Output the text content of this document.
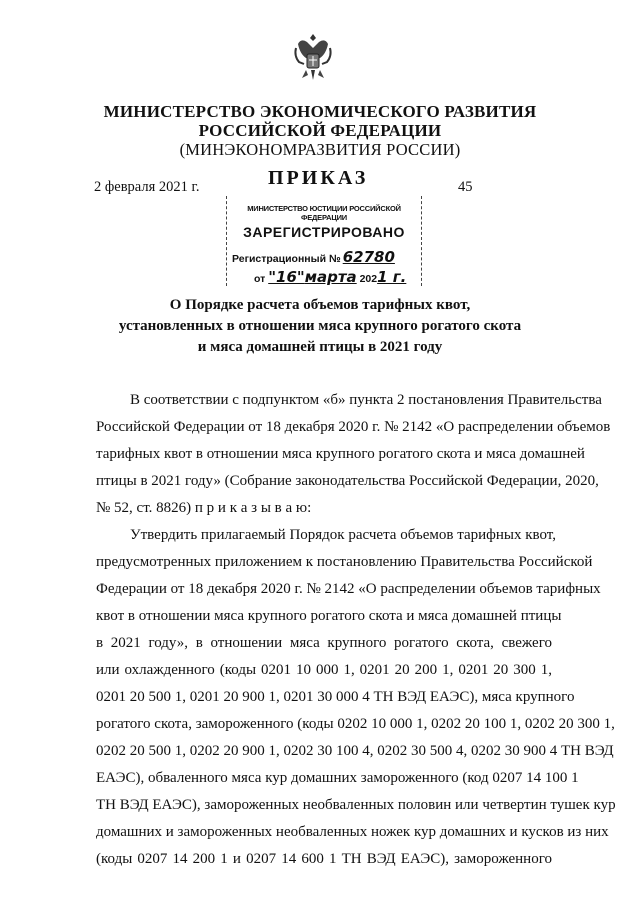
МИНИСТЕРСТВО ЭКОНОМИЧЕСКОГО РАЗВИТИЯ
РОССИЙСКОЙ ФЕДЕРАЦИИ
(МИНЭКОНОМРАЗВИТИЯ РОССИИ)
2 февраля 2021 г.	ПРИКАЗ	45
МИНИСТЕРСТВО ЮСТИЦИИ РОССИЙСКОЙ ФЕДЕРАЦИИ
ЗАРЕГИСТРИРОВАНО
Регистрационный № 62780
от "16"марта 2021 г.
О Порядке расчета объемов тарифных квот,
установленных в отношении мяса крупного рогатого скота
и мяса домашней птицы в 2021 году
В соответствии с подпунктом «б» пункта 2 постановления Правительства
Российской Федерации от 18 декабря 2020 г. № 2142 «О распределении объемов
тарифных квот в отношении мяса крупного рогатого скота и мяса домашней
птицы в 2021 году» (Собрание законодательства Российской Федерации, 2020,
№ 52, ст. 8826) п р и к а з ы в а ю:
Утвердить прилагаемый Порядок расчета объемов тарифных квот,
предусмотренных приложением к постановлению Правительства Российской
Федерации от 18 декабря 2020 г. № 2142 «О распределении объемов тарифных
квот в отношении мяса крупного рогатого скота и мяса домашней птицы
в 2021 году», в отношении мяса крупного рогатого скота, свежего
или охлажденного (коды 0201 10 000 1, 0201 20 200 1, 0201 20 300 1,
0201 20 500 1, 0201 20 900 1, 0201 30 000 4 ТН ВЭД ЕАЭС), мяса крупного
рогатого скота, замороженного (коды 0202 10 000 1, 0202 20 100 1, 0202 20 300 1,
0202 20 500 1, 0202 20 900 1, 0202 30 100 4, 0202 30 500 4, 0202 30 900 4 ТН ВЭД
ЕАЭС), обваленного мяса кур домашних замороженного (код 0207 14 100 1
ТН ВЭД ЕАЭС), замороженных необваленных половин или четвертин тушек кур
домашних и замороженных необваленных ножек кур домашних и кусков из них
(коды 0207 14 200 1 и 0207 14 600 1 ТН ВЭД ЕАЭС), замороженного
